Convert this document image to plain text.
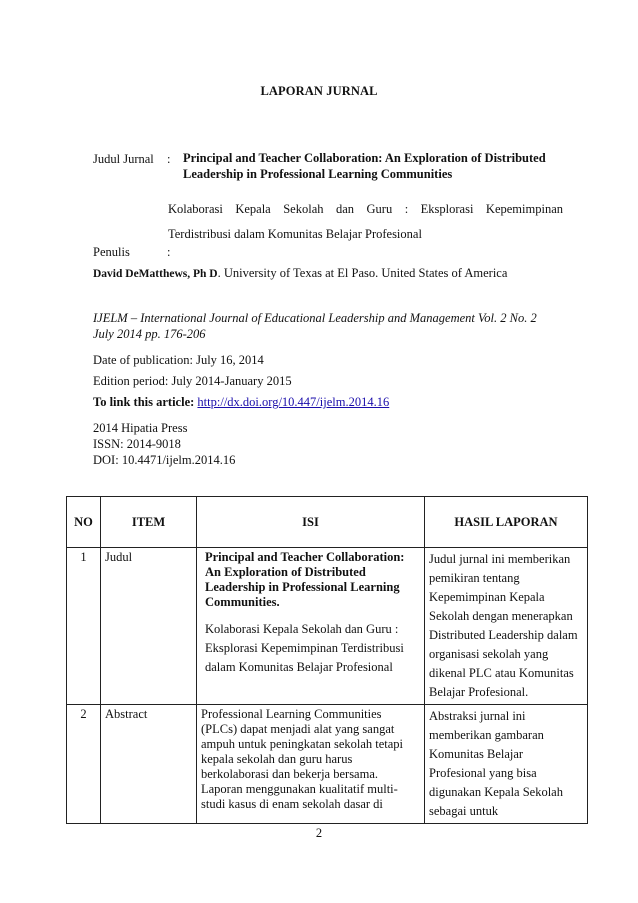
LAPORAN JURNAL
Judul Jurnal	:	Principal and Teacher Collaboration: An Exploration of Distributed Leadership in Professional Learning Communities
Kolaborasi Kepala Sekolah dan Guru : Eksplorasi Kepemimpinan
Terdistribusi dalam Komunitas Belajar Profesional
Penulis	:
David DeMatthews, Ph D. University of Texas at El Paso. United States of America
IJELM – International Journal of Educational Leadership and Management Vol. 2 No. 2
July 2014 pp. 176-206
Date of publication: July 16, 2014
Edition period: July 2014-January 2015
To link this article: http://dx.doi.org/10.447/ijelm.2014.16
2014 Hipatia Press
ISSN: 2014-9018
DOI: 10.4471/ijelm.2014.16
NO	ITEM	ISI	HASIL LAPORAN
1	Judul	Principal and Teacher Collaboration: An Exploration of Distributed Leadership in Professional Learning Communities.
Kolaborasi Kepala Sekolah dan Guru : Eksplorasi Kepemimpinan Terdistribusi dalam Komunitas Belajar Profesional	Judul jurnal ini memberikan pemikiran tentang Kepemimpinan Kepala Sekolah dengan menerapkan Distributed Leadership dalam organisasi sekolah yang dikenal PLC atau Komunitas Belajar Profesional.
2	Abstract	Professional Learning Communities (PLCs) dapat menjadi alat yang sangat ampuh untuk peningkatan sekolah tetapi kepala sekolah dan guru harus berkolaborasi dan bekerja bersama. Laporan menggunakan kualitatif multi-studi kasus di enam sekolah dasar di	Abstraksi jurnal ini memberikan gambaran Komunitas Belajar Profesional yang bisa digunakan Kepala Sekolah sebagai untuk
2
